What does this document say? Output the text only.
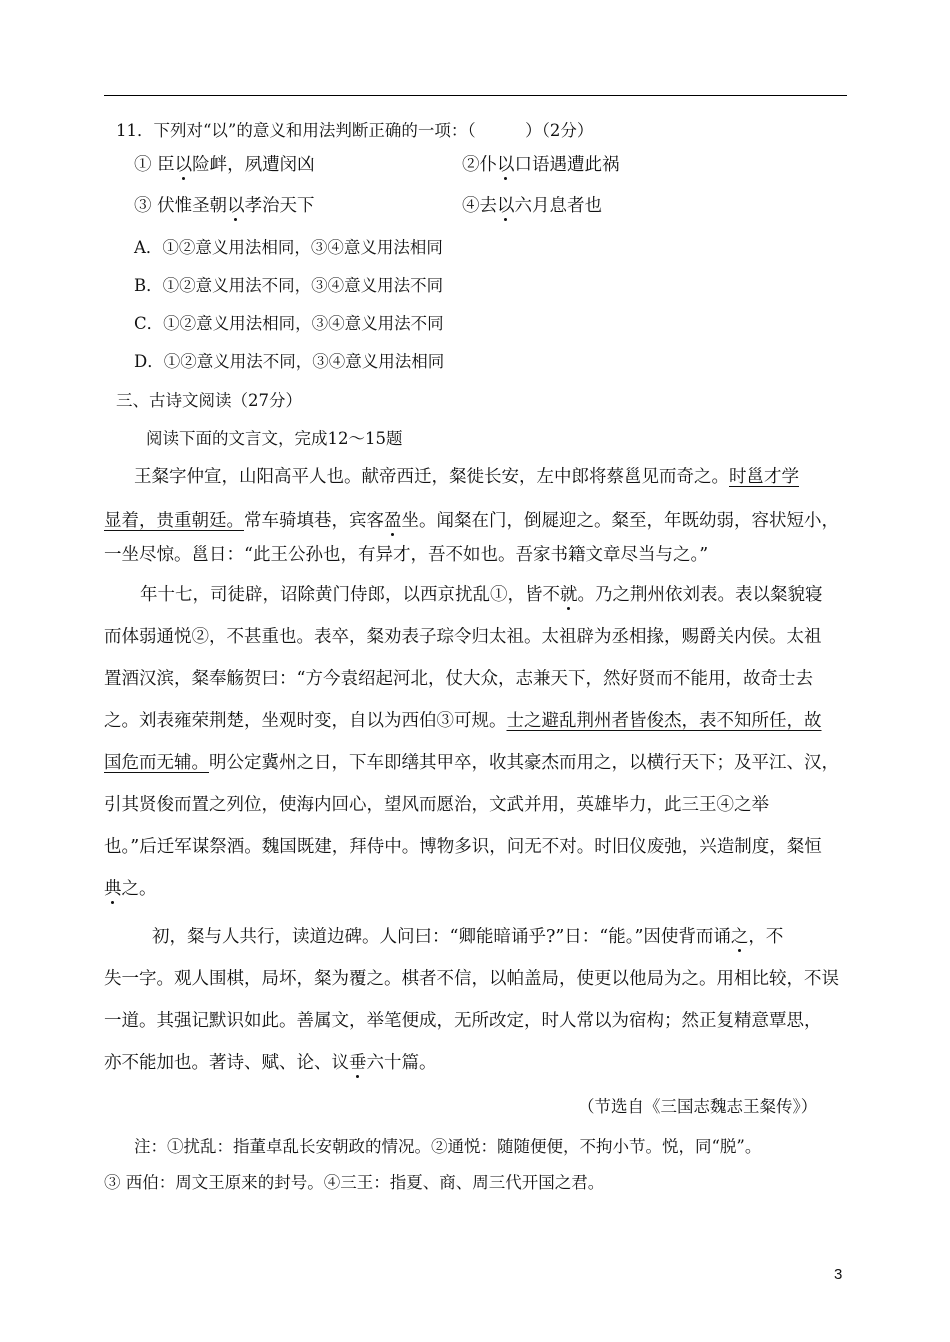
11．下列对“以”的意义和用法判断正确的一项：（　　　）（2分）
① 臣以险衅，夙遭闵凶	②仆以口语遇遭此祸
③ 伏惟圣朝以孝治天下	④去以六月息者也
A．①②意义用法相同，③④意义用法相同
B．①②意义用法不同，③④意义用法不同
C．①②意义用法相同，③④意义用法不同
D．①②意义用法不同，③④意义用法相同
三、古诗文阅读（27分）
阅读下面的文言文，完成12～15题
王粲字仲宣，山阳高平人也。献帝西迁，粲徙长安，左中郎将蔡邕见而奇之。时邕才学
显着，贵重朝廷。常车骑填巷，宾客盈坐。闻粲在门，倒屣迎之。粲至，年既幼弱，容状短小，
一坐尽惊。邕日：“此王公孙也，有异才，吾不如也。吾家书籍文章尽当与之。”
年十七，司徒辟，诏除黄门侍郎，以西京扰乱①，皆不就。乃之荆州依刘表。表以粲貌寝
而体弱通悦②，不甚重也。表卒，粲劝表子琮令归太祖。太祖辟为丞相掾，赐爵关内侯。太祖
置酒汉滨，粲奉觞贺曰：“方今袁绍起河北，仗大众，志兼天下，然好贤而不能用，故奇士去
之。刘表雍荣荆楚，坐观时变，自以为西伯③可规。士之避乱荆州者皆俊杰，表不知所任，故
国危而无辅。明公定冀州之日，下车即缮其甲卒，收其豪杰而用之，以横行天下；及平江、汉，
引其贤俊而置之列位，使海内回心，望风而愿治，文武并用，英雄毕力，此三王④之举
也。”后迁军谋祭酒。魏国既建，拜侍中。博物多识，问无不对。时旧仪废弛，兴造制度，粲恒
典之。
初，粲与人共行，读道边碑。人问曰：“卿能暗诵乎?”日：“能。”因使背而诵之，不
失一字。观人围棋，局坏，粲为覆之。棋者不信，以帕盖局，使更以他局为之。用相比较，不误
一道。其强记默识如此。善属文，举笔便成，无所改定，时人常以为宿构；然正复精意覃思，
亦不能加也。著诗、赋、论、议垂六十篇。
（节选自《三国志魏志王粲传》）
注：①扰乱：指董卓乱长安朝政的情况。②通悦：随随便便，不拘小节。悦，同“脱”。
③ 西伯：周文王原来的封号。④三王：指夏、商、周三代开国之君。
3
